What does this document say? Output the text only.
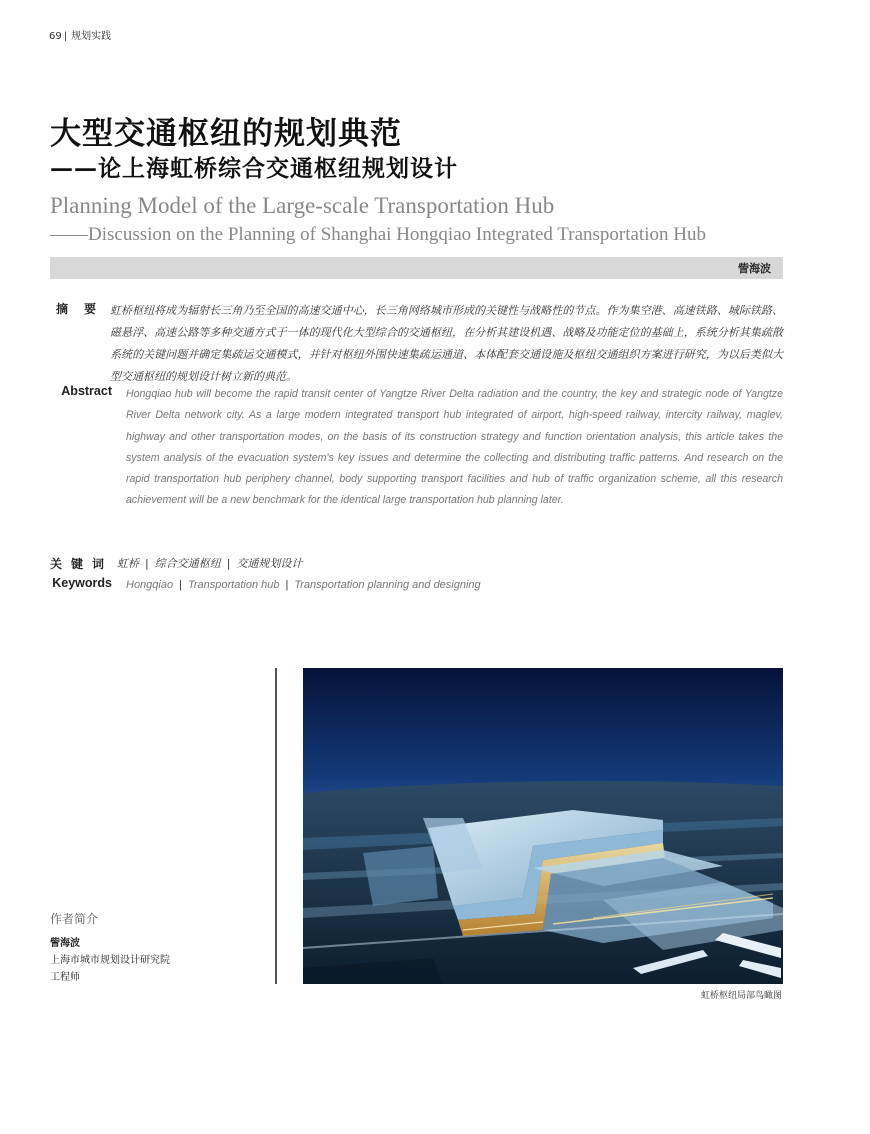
69 | 规划实践
大型交通枢纽的规划典范
——论上海虹桥综合交通枢纽规划设计
Planning Model of the Large-scale Transportation Hub
——Discussion on the Planning of Shanghai Hongqiao Integrated Transportation Hub
訾海波
摘要
虹桥枢纽将成为辐射长三角乃至全国的高速交通中心，长三角网络城市形成的关键性与战略性的节点。作为集空港、高速铁路、城际铁路、磁悬浮、高速公路等多种交通方式于一体的现代化大型综合的交通枢纽，在分析其建设机遇、战略及功能定位的基础上，系统分析其集疏散系统的关键问题并确定集疏运交通模式，并针对枢纽外围快速集疏运通道、本体配套交通设施及枢纽交通组织方案进行研究，为以后类似大型交通枢纽的规划设计树立新的典范。
Abstract Hongqiao hub will become the rapid transit center of Yangtze River Delta radiation and the country, the key and strategic node of Yangtze River Delta network city. As a large modern integrated transport hub integrated of airport, high-speed railway, intercity railway, maglev, highway and other transportation modes, on the basis of its construction strategy and function orientation analysis, this article takes the system analysis of the evacuation system's key issues and determine the collecting and distributing traffic patterns. And research on the rapid transportation hub periphery channel, body supporting transport facilities and hub of traffic organization scheme, all this research achievement will be a new benchmark for the identical large transportation hub planning later.
关键词 虹桥 | 综合交通枢纽 | 交通规划设计
Keywords Hongqiao | Transportation hub | Transportation planning and designing
作者简介
訾海波
上海市城市规划设计研究院
工程师
虹桥枢纽局部鸟瞰图
